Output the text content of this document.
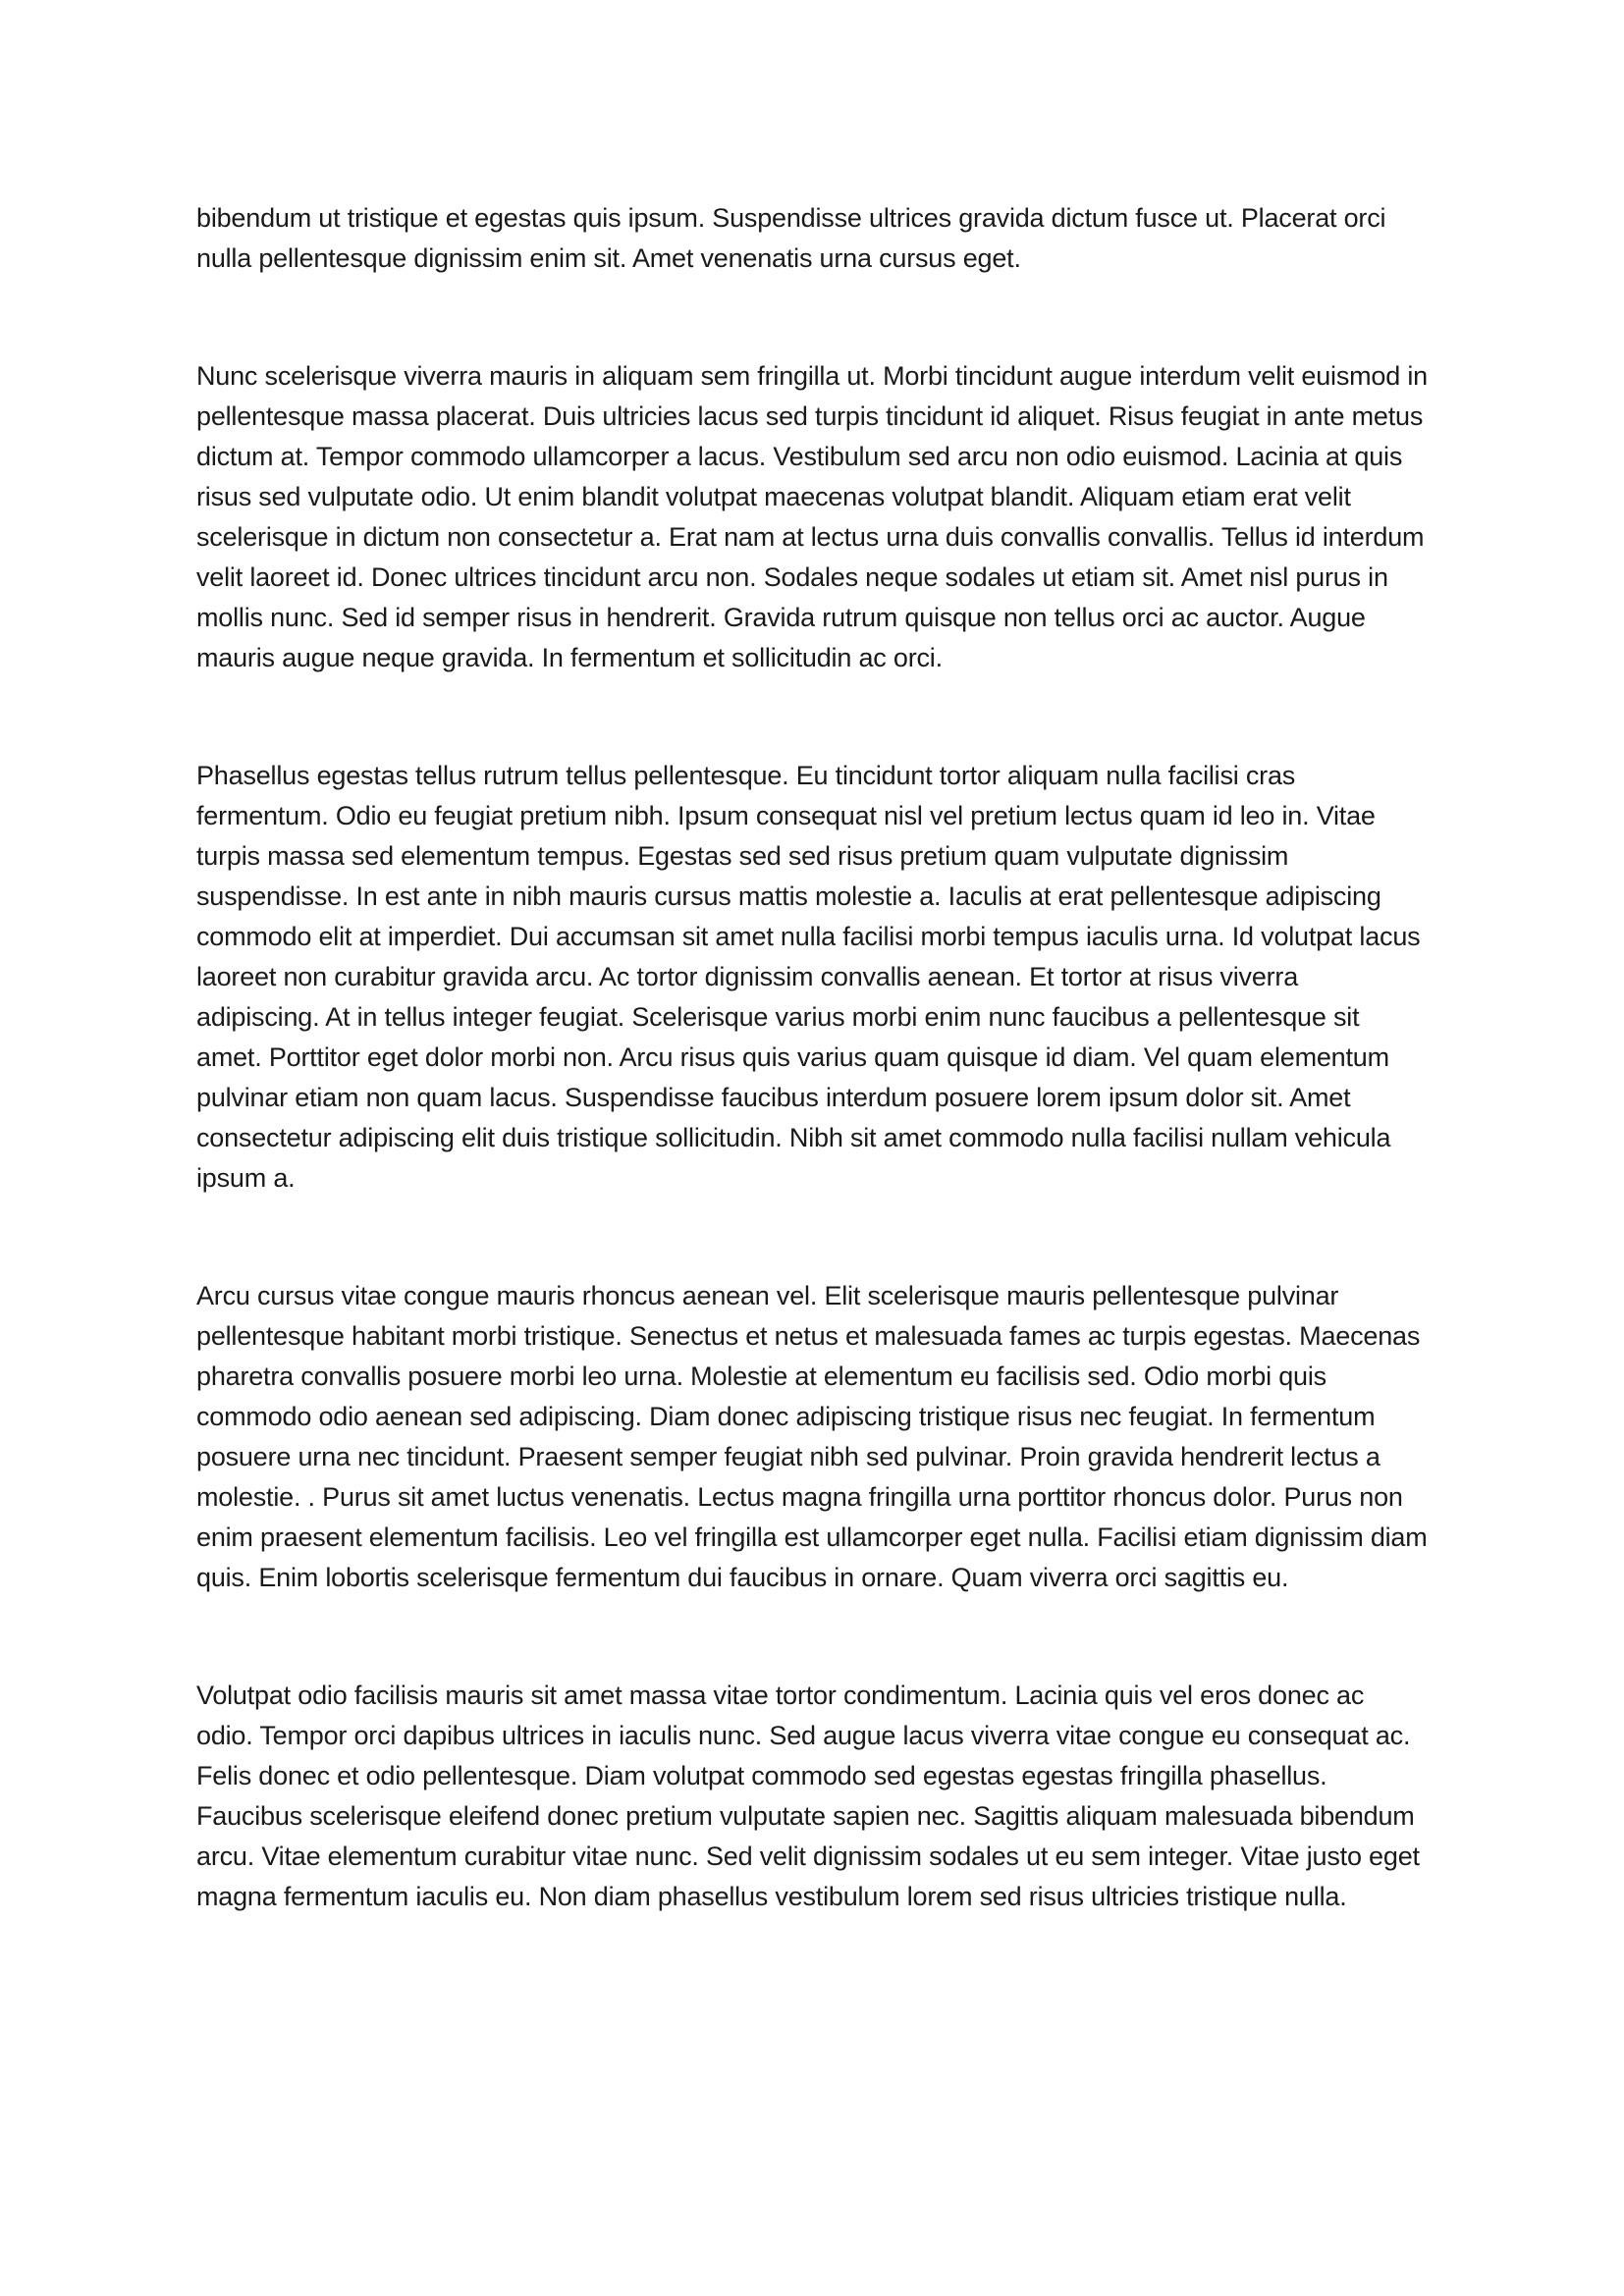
bibendum ut tristique et egestas quis ipsum. Suspendisse ultrices gravida dictum fusce ut. Placerat orci nulla pellentesque dignissim enim sit. Amet venenatis urna cursus eget.

Nunc scelerisque viverra mauris in aliquam sem fringilla ut. Morbi tincidunt augue interdum velit euismod in pellentesque massa placerat. Duis ultricies lacus sed turpis tincidunt id aliquet. Risus feugiat in ante metus dictum at. Tempor commodo ullamcorper a lacus. Vestibulum sed arcu non odio euismod. Lacinia at quis risus sed vulputate odio. Ut enim blandit volutpat maecenas volutpat blandit. Aliquam etiam erat velit scelerisque in dictum non consectetur a. Erat nam at lectus urna duis convallis convallis. Tellus id interdum velit laoreet id. Donec ultrices tincidunt arcu non. Sodales neque sodales ut etiam sit. Amet nisl purus in mollis nunc. Sed id semper risus in hendrerit. Gravida rutrum quisque non tellus orci ac auctor. Augue mauris augue neque gravida. In fermentum et sollicitudin ac orci.

Phasellus egestas tellus rutrum tellus pellentesque. Eu tincidunt tortor aliquam nulla facilisi cras fermentum. Odio eu feugiat pretium nibh. Ipsum consequat nisl vel pretium lectus quam id leo in. Vitae turpis massa sed elementum tempus. Egestas sed sed risus pretium quam vulputate dignissim suspendisse. In est ante in nibh mauris cursus mattis molestie a. Iaculis at erat pellentesque adipiscing commodo elit at imperdiet. Dui accumsan sit amet nulla facilisi morbi tempus iaculis urna. Id volutpat lacus laoreet non curabitur gravida arcu. Ac tortor dignissim convallis aenean. Et tortor at risus viverra adipiscing. At in tellus integer feugiat. Scelerisque varius morbi enim nunc faucibus a pellentesque sit amet. Porttitor eget dolor morbi non. Arcu risus quis varius quam quisque id diam. Vel quam elementum pulvinar etiam non quam lacus. Suspendisse faucibus interdum posuere lorem ipsum dolor sit. Amet consectetur adipiscing elit duis tristique sollicitudin. Nibh sit amet commodo nulla facilisi nullam vehicula ipsum a.

Arcu cursus vitae congue mauris rhoncus aenean vel. Elit scelerisque mauris pellentesque pulvinar pellentesque habitant morbi tristique. Senectus et netus et malesuada fames ac turpis egestas. Maecenas pharetra convallis posuere morbi leo urna. Molestie at elementum eu facilisis sed. Odio morbi quis commodo odio aenean sed adipiscing. Diam donec adipiscing tristique risus nec feugiat. In fermentum posuere urna nec tincidunt. Praesent semper feugiat nibh sed pulvinar. Proin gravida hendrerit lectus a molestie. . Purus sit amet luctus venenatis. Lectus magna fringilla urna porttitor rhoncus dolor. Purus non enim praesent elementum facilisis. Leo vel fringilla est ullamcorper eget nulla. Facilisi etiam dignissim diam quis. Enim lobortis scelerisque fermentum dui faucibus in ornare. Quam viverra orci sagittis eu.

Volutpat odio facilisis mauris sit amet massa vitae tortor condimentum. Lacinia quis vel eros donec ac odio. Tempor orci dapibus ultrices in iaculis nunc. Sed augue lacus viverra vitae congue eu consequat ac. Felis donec et odio pellentesque. Diam volutpat commodo sed egestas egestas fringilla phasellus. Faucibus scelerisque eleifend donec pretium vulputate sapien nec. Sagittis aliquam malesuada bibendum arcu. Vitae elementum curabitur vitae nunc. Sed velit dignissim sodales ut eu sem integer. Vitae justo eget magna fermentum iaculis eu. Non diam phasellus vestibulum lorem sed risus ultricies tristique nulla.
